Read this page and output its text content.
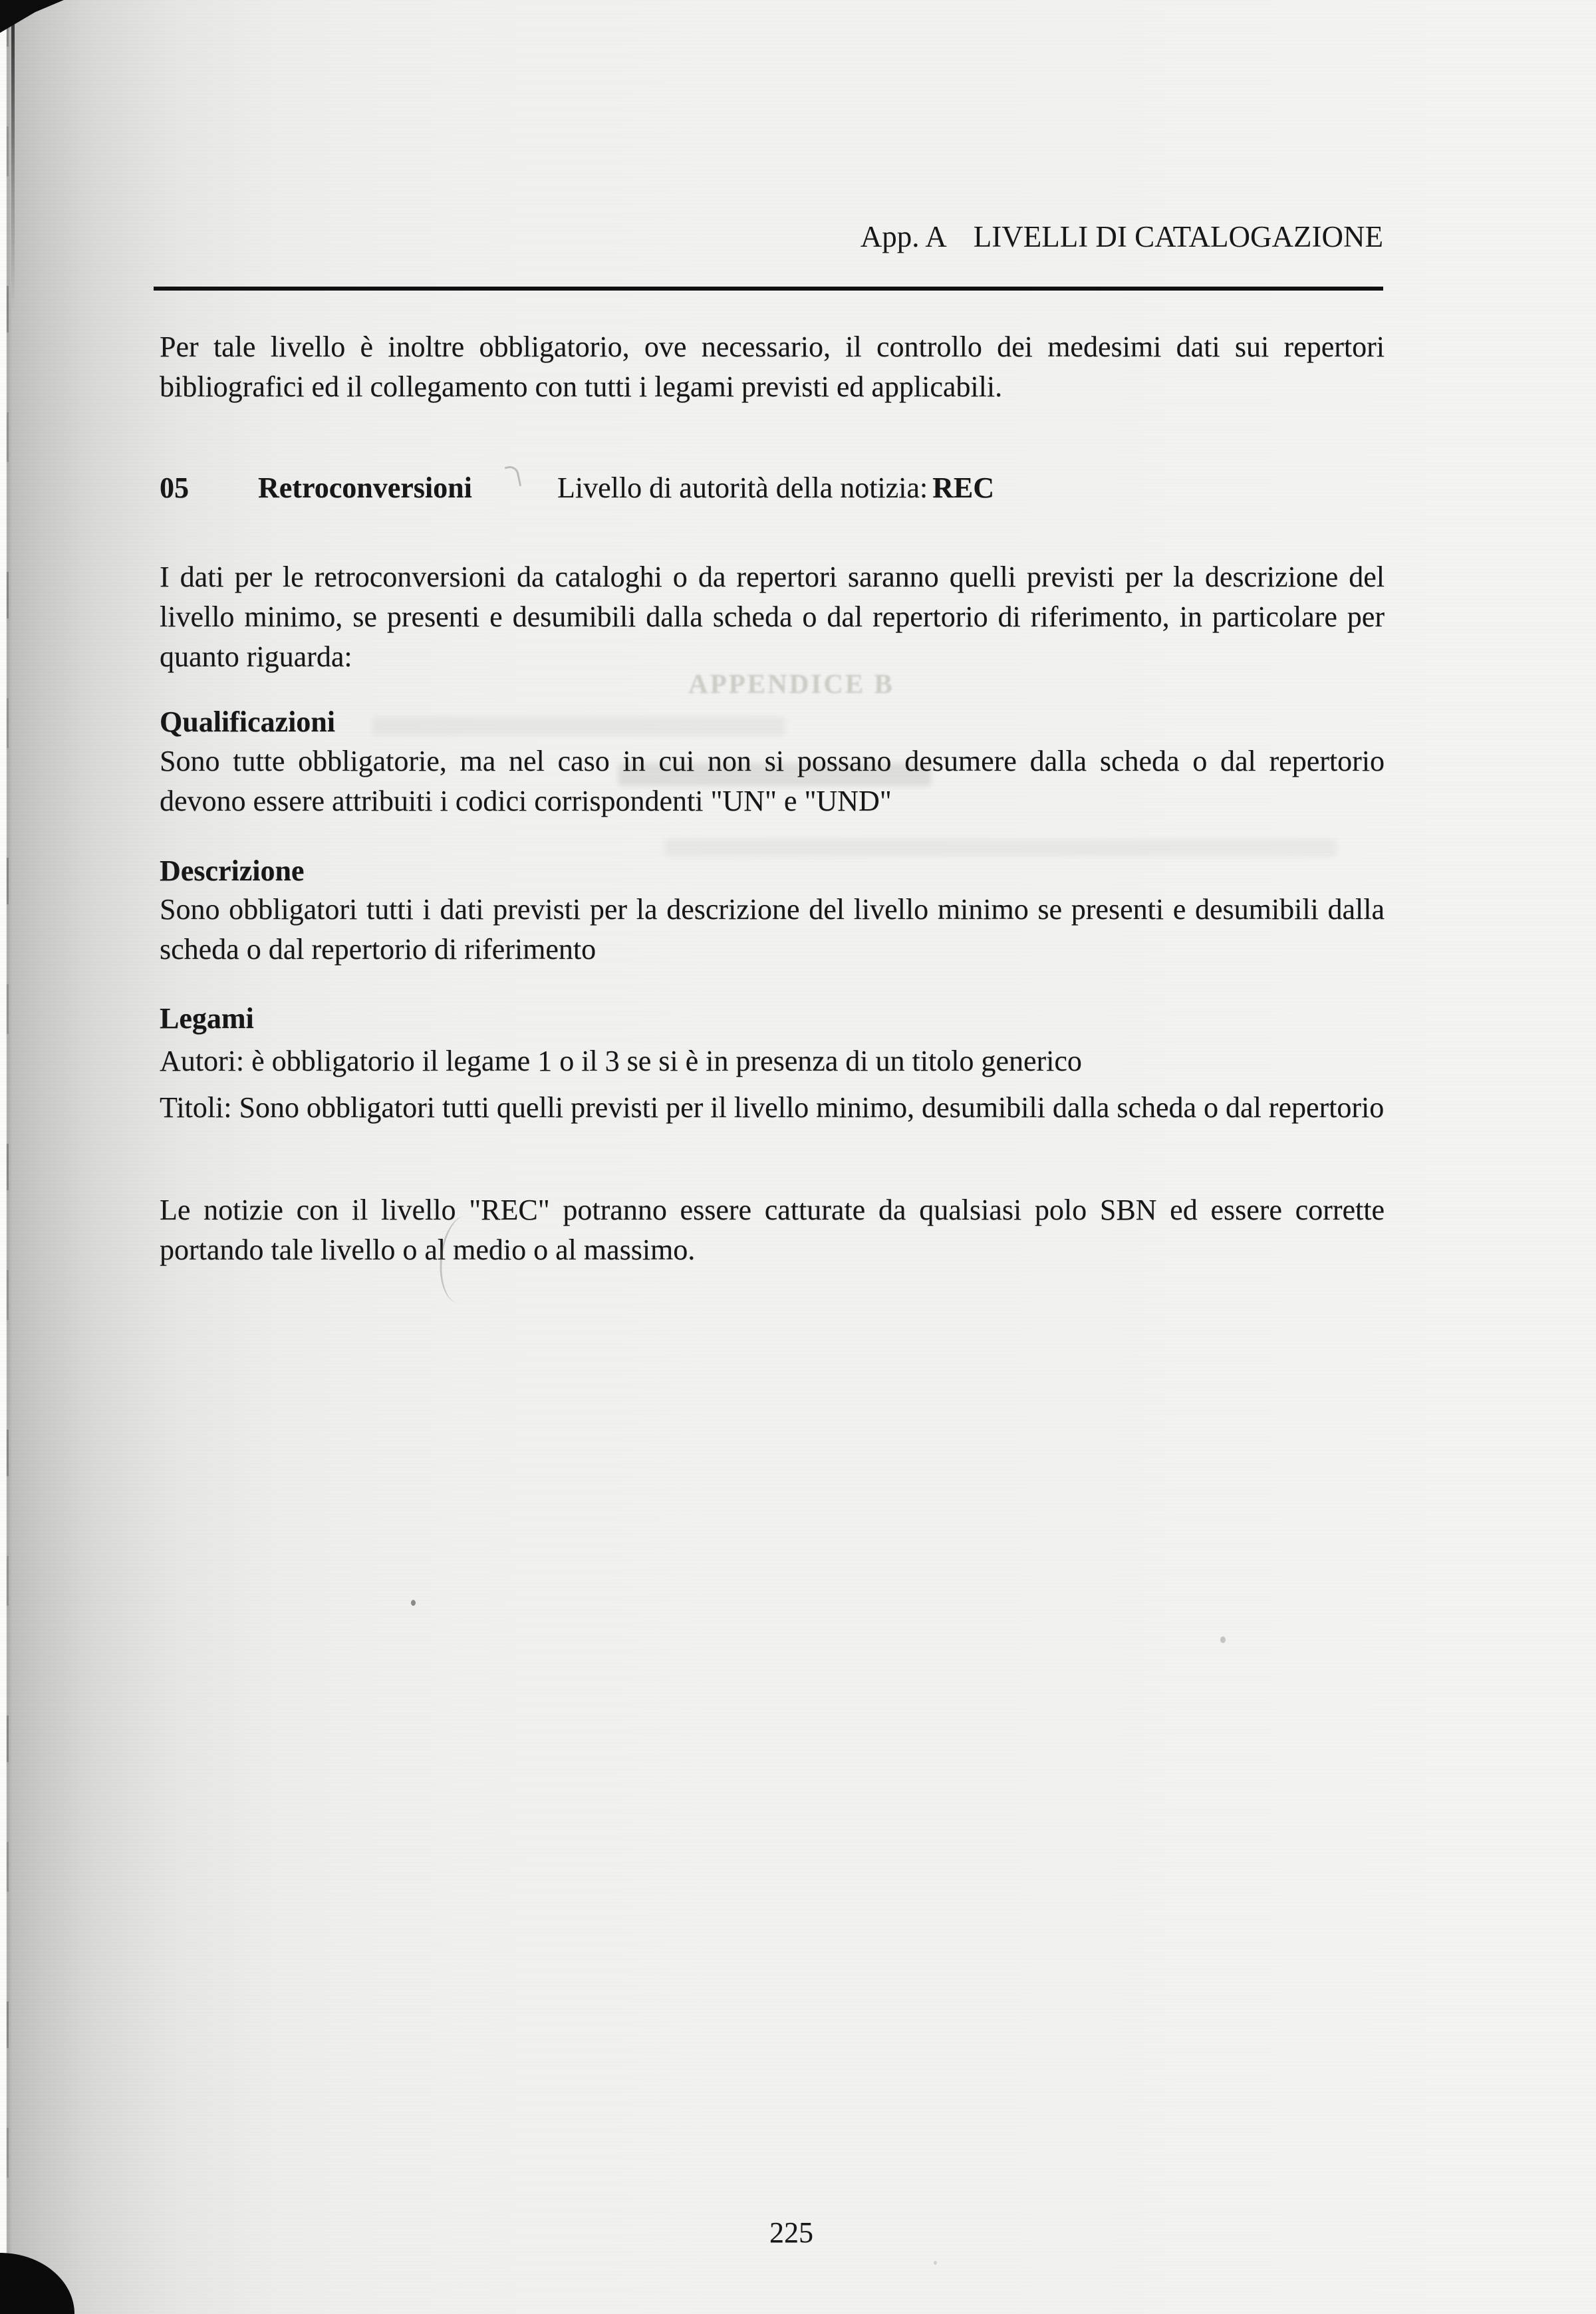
APPENDICE B
App. A LIVELLI DI CATALOGAZIONE

Per tale livello è inoltre obbligatorio, ove necessario, il controllo dei medesimi dati sui repertori bibliografici ed il collegamento con tutti i legami previsti ed applicabili.

05 Retroconversioni	Livello di autorità della notizia: REC

I dati per le retroconversioni da cataloghi o da repertori saranno quelli previsti per la descrizione del livello minimo, se presenti e desumibili dalla scheda o dal repertorio di riferimento, in particolare per quanto riguarda:

Qualificazioni

Sono tutte obbligatorie, ma nel caso in cui non si possano desumere dalla scheda o dal repertorio devono essere attribuiti i codici corrispondenti "UN" e "UND"

Descrizione

Sono obbligatori tutti i dati previsti per la descrizione del livello minimo se presenti e desumibili dalla scheda o dal repertorio di riferimento

Legami

Autori: è obbligatorio il legame 1 o il 3 se si è in presenza di un titolo generico

Titoli: Sono obbligatori tutti quelli previsti per il livello minimo, desumibili dalla scheda o dal repertorio

Le notizie con il livello "REC" potranno essere catturate da qualsiasi polo SBN ed essere corrette portando tale livello o al medio o al massimo.

225
